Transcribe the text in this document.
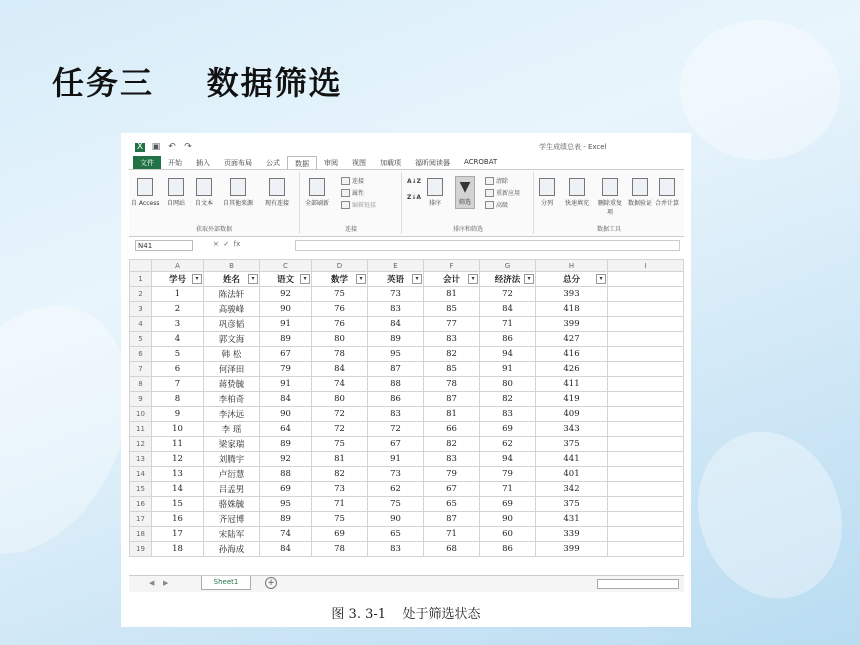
任务三    数据筛选
X ▣ ↶ ↷	学生成绩总表 - Excel
文件	开始	插入	页面布局	公式	数据	审阅	视图	加载项	福昕阅读器	ACROBAT
自 Access 自网站 自文本 自其他来源 现有连接
获取外部数据
全部刷新
连接
属性
编辑链接
连接
A↓Z
Z↓A
排序
▼
筛选
清除
重新应用
高级
排序和筛选
分列 快速填充 删除重复项
数据验证 合并计算
数据工具
N41	×  ✓  fx
	A	B	C	D	E	F	G	H	I
1	学号 ▾	姓名 ▾	语文 ▾	数学 ▾	英语 ▾	会计 ▾	经济法 ▾	总分 ▾	

2	1	陈法轩	92	75	73	81	72	393	
3	2	高骏峰	90	76	83	85	84	418	
4	3	巩彦韬	91	76	84	77	71	399	
5	4	郭文海	89	80	89	83	86	427	
6	5	韩 松	67	78	95	82	94	416	
7	6	何泽田	79	84	87	85	91	426	
8	7	蒋贽毓	91	74	88	78	80	411	
9	8	李柏奇	84	80	86	87	82	419	
10	9	李沐远	90	72	83	81	83	409	
11	10	李 瑶	64	72	72	66	69	343	
12	11	梁家瑞	89	75	67	82	62	375	
13	12	刘腾宇	92	81	91	83	94	441	
14	13	卢衍慧	88	82	73	79	79	401	
15	14	吕孟男	69	73	62	67	71	342	
16	15	骆姝毓	95	71	75	65	69	375	
17	16	齐冠博	89	75	90	87	90	431	
18	17	宋陆军	74	69	65	71	60	339	
19	18	孙海成	84	78	83	68	86	399	
◀ ▶	Sheet1	+
图 3. 3-1    处于筛选状态
